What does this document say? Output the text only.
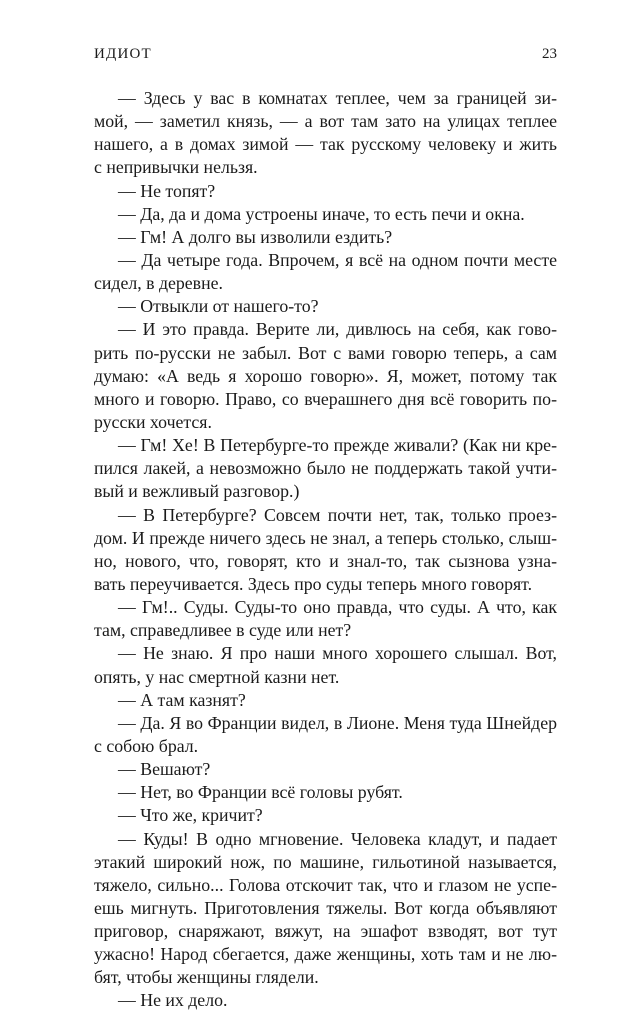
ИДИОТ	23
— Здесь у вас в комнатах теплее, чем за границей зи-
мой, — заметил князь, — а вот там зато на улицах теплее
нашего, а в домах зимой — так русскому человеку и жить
с непривычки нельзя.
— Не топят?
— Да, да и дома устроены иначе, то есть печи и окна.
— Гм! А долго вы изволили ездить?
— Да четыре года. Впрочем, я всё на одном почти месте
сидел, в деревне.
— Отвыкли от нашего-то?
— И это правда. Верите ли, дивлюсь на себя, как гово-
рить по-русски не забыл. Вот с вами говорю теперь, а сам
думаю: «А ведь я хорошо говорю». Я, может, потому так
много и говорю. Право, со вчерашнего дня всё говорить по-
русски хочется.
— Гм! Хе! В Петербурге-то прежде живали? (Как ни кре-
пился лакей, а невозможно было не поддержать такой учти-
вый и вежливый разговор.)
— В Петербурге? Совсем почти нет, так, только проез-
дом. И прежде ничего здесь не знал, а теперь столько, слыш-
но, нового, что, говорят, кто и знал-то, так сызнова узна-
вать переучивается. Здесь про суды теперь много говорят.
— Гм!.. Суды. Суды-то оно правда, что суды. А что, как
там, справедливее в суде или нет?
— Не знаю. Я про наши много хорошего слышал. Вот,
опять, у нас смертной казни нет.
— А там казнят?
— Да. Я во Франции видел, в Лионе. Меня туда Шнейдер
с собою брал.
— Вешают?
— Нет, во Франции всё головы рубят.
— Что же, кричит?
— Куды! В одно мгновение. Человека кладут, и падает
этакий широкий нож, по машине, гильотиной называется,
тяжело, сильно... Голова отскочит так, что и глазом не успе-
ешь мигнуть. Приготовления тяжелы. Вот когда объявляют
приговор, снаряжают, вяжут, на эшафот взводят, вот тут
ужасно! Народ сбегается, даже женщины, хоть там и не лю-
бят, чтобы женщины глядели.
— Не их дело.
